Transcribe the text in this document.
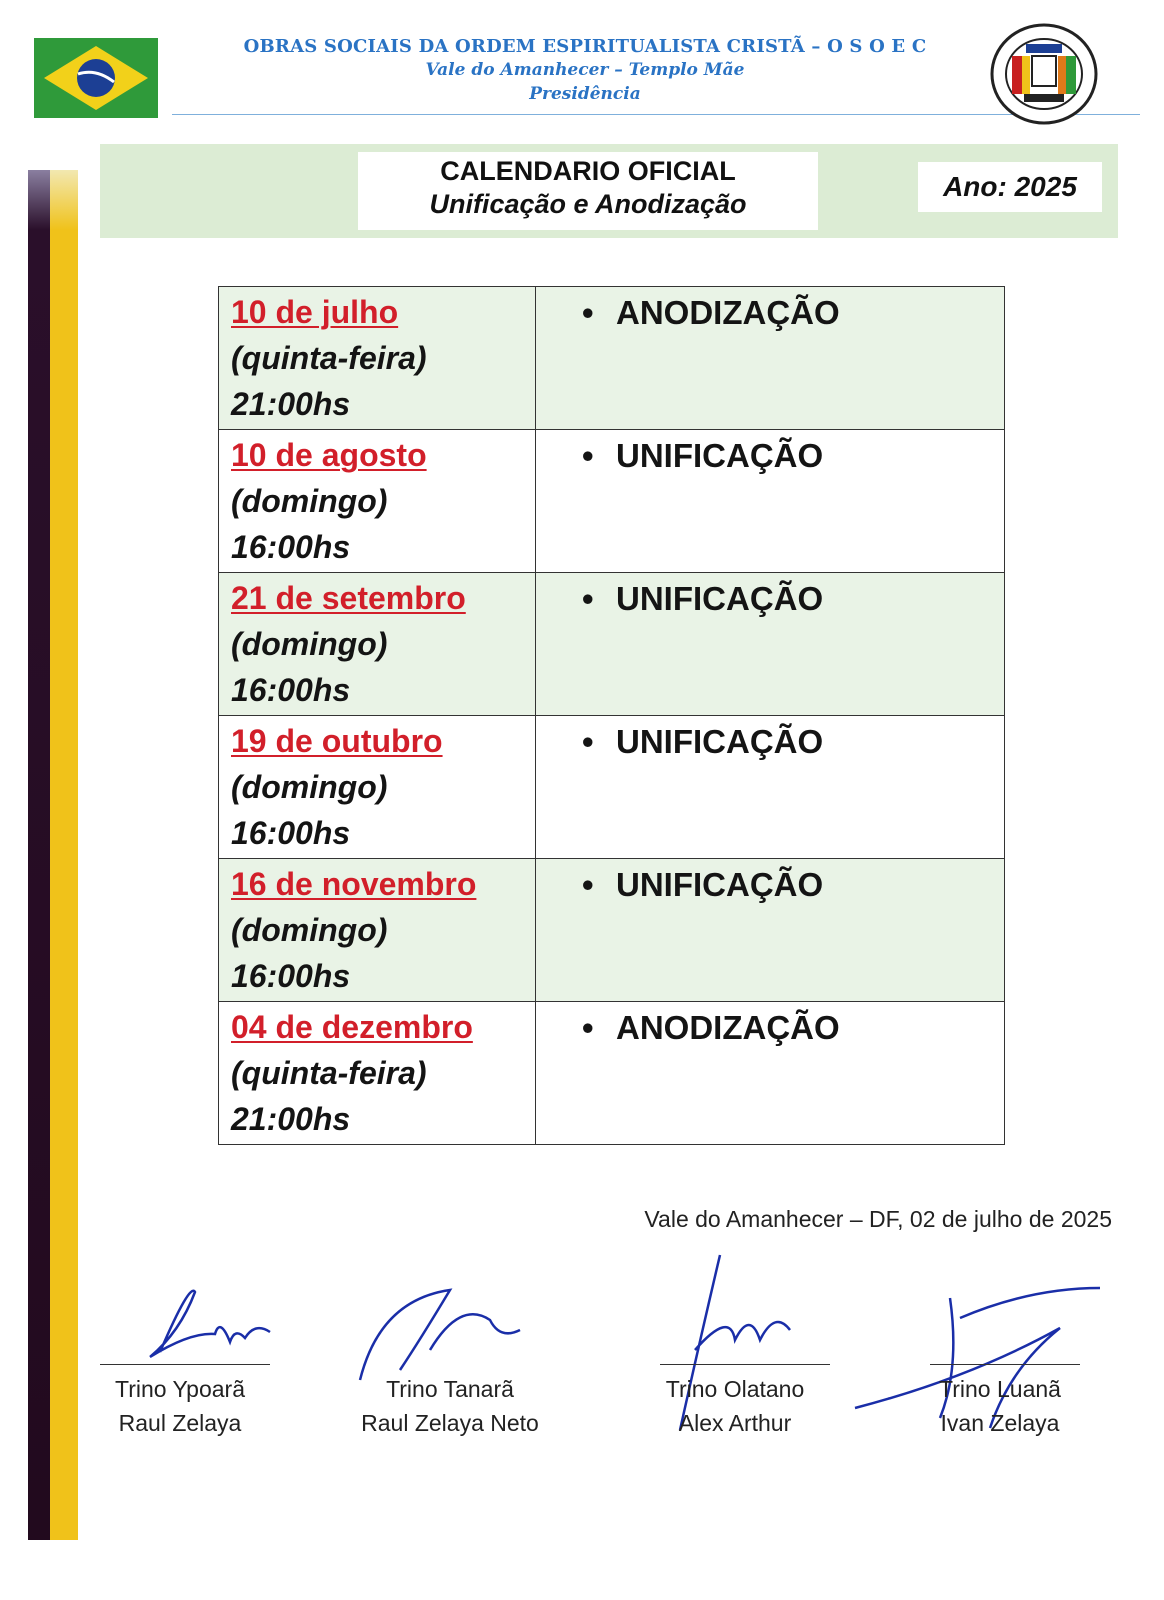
OBRAS SOCIAIS DA ORDEM ESPIRITUALISTA CRISTÃ – O S O E C
Vale do Amanhecer – Templo Mãe
Presidência
CALENDARIO OFICIAL
Unificação e Anodização
Ano: 2025
10 de julho
(quinta-feira)
21:00hs	• ANODIZAÇÃO

10 de agosto
(domingo)
16:00hs	• UNIFICAÇÃO

21 de setembro
(domingo)
16:00hs	• UNIFICAÇÃO

19 de outubro
(domingo)
16:00hs	• UNIFICAÇÃO

16 de novembro
(domingo)
16:00hs	• UNIFICAÇÃO

04 de dezembro
(quinta-feira)
21:00hs	• ANODIZAÇÃO
Vale do Amanhecer – DF, 02 de julho de 2025
Trino Ypoarã
Raul Zelaya
Trino Tanarã
Raul Zelaya Neto
Trino Olatano
Alex Arthur
Trino Luanã
Ivan Zelaya
